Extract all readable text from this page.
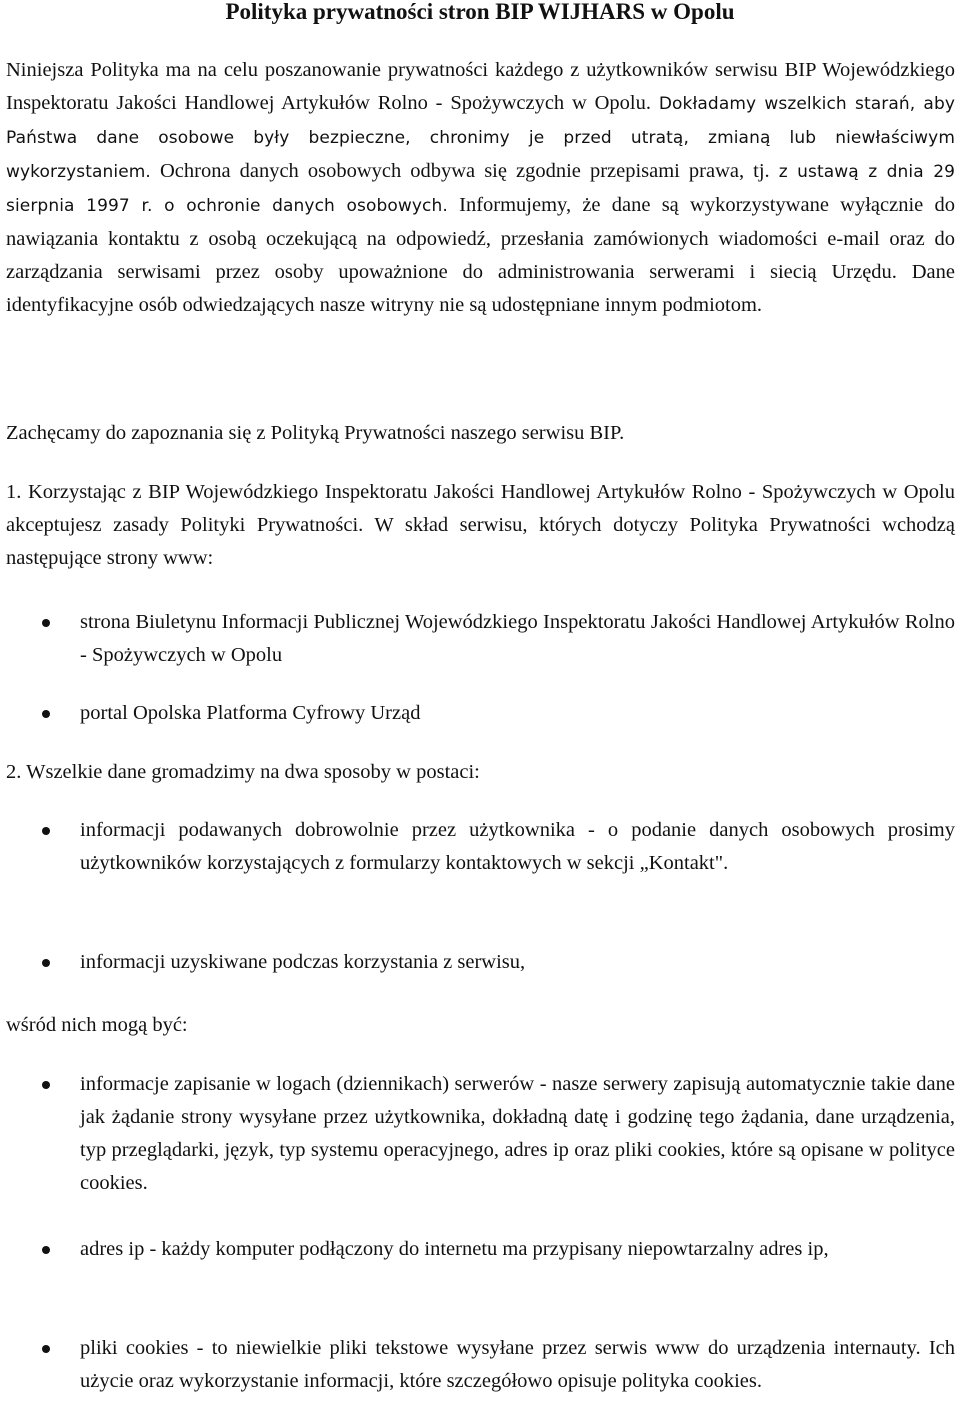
Polityka prywatności stron BIP WIJHARS w Opolu

Niniejsza Polityka ma na celu poszanowanie prywatności każdego z użytkowników serwisu BIP Wojewódzkiego Inspektoratu Jakości Handlowej Artykułów Rolno - Spożywczych w Opolu. Dokładamy wszelkich starań, aby Państwa dane osobowe były bezpieczne, chronimy je przed utratą, zmianą lub niewłaściwym wykorzystaniem. Ochrona danych osobowych odbywa się zgodnie przepisami prawa, tj. z ustawą z dnia 29 sierpnia 1997 r. o ochronie danych osobowych. Informujemy, że dane są wykorzystywane wyłącznie do nawiązania kontaktu z osobą oczekującą na odpowiedź, przesłania zamówionych wiadomości e-mail oraz do zarządzania serwisami przez osoby upoważnione do administrowania serwerami i siecią Urzędu. Dane identyfikacyjne osób odwiedzających nasze witryny nie są udostępniane innym podmiotom.

Zachęcamy do zapoznania się z Polityką Prywatności naszego serwisu BIP.

1. Korzystając z BIP Wojewódzkiego Inspektoratu Jakości Handlowej Artykułów Rolno - Spożywczych w Opolu akceptujesz zasady Polityki Prywatności. W skład serwisu, których dotyczy Polityka Prywatności wchodzą następujące strony www:

strona Biuletynu Informacji Publicznej Wojewódzkiego Inspektoratu Jakości Handlowej Artykułów Rolno - Spożywczych w Opolu

portal Opolska Platforma Cyfrowy Urząd

2. Wszelkie dane gromadzimy na dwa sposoby w postaci:

informacji podawanych dobrowolnie przez użytkownika - o podanie danych osobowych prosimy użytkowników korzystających z formularzy kontaktowych w sekcji „Kontakt".

informacji uzyskiwane podczas korzystania z serwisu,

wśród nich mogą być:

informacje zapisanie w logach (dziennikach) serwerów - nasze serwery zapisują automatycznie takie dane jak żądanie strony wysyłane przez użytkownika, dokładną datę i godzinę tego żądania, dane urządzenia, typ przeglądarki, język, typ systemu operacyjnego, adres ip oraz pliki cookies, które są opisane w polityce cookies.

adres ip - każdy komputer podłączony do internetu ma przypisany niepowtarzalny adres ip,

pliki cookies - to niewielkie pliki tekstowe wysyłane przez serwis www do urządzenia internauty. Ich użycie oraz wykorzystanie informacji, które szczegółowo opisuje polityka cookies.
